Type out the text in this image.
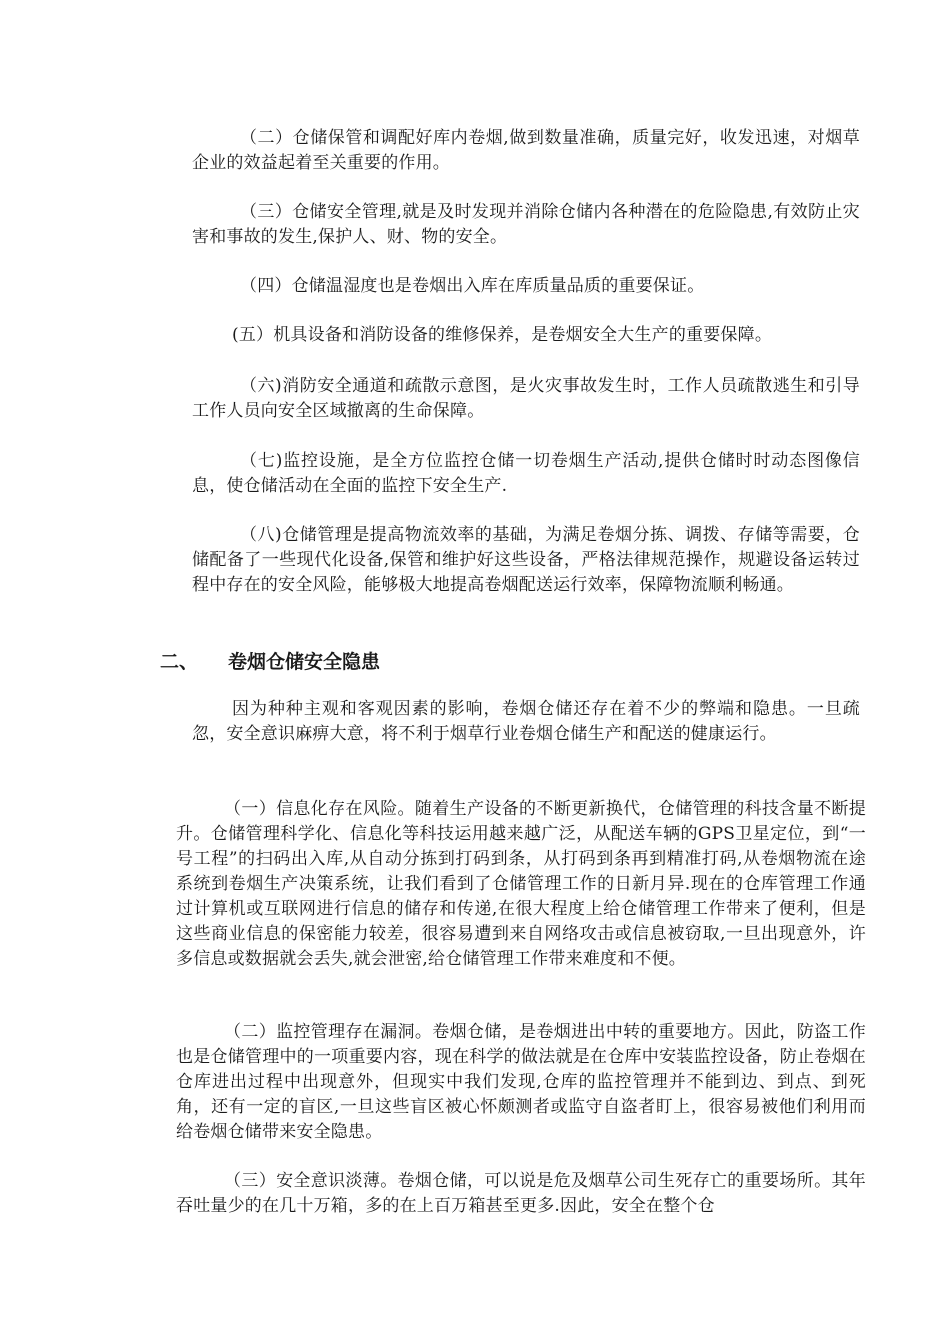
（二）仓储保管和调配好库内卷烟,做到数量准确，质量完好，收发迅速，对烟草企业的效益起着至关重要的作用。

（三）仓储安全管理,就是及时发现并消除仓储内各种潜在的危险隐患,有效防止灾害和事故的发生,保护人、财、物的安全。

（四）仓储温湿度也是卷烟出入库在库质量品质的重要保证。

(五）机具设备和消防设备的维修保养，是卷烟安全大生产的重要保障。

（六)消防安全通道和疏散示意图，是火灾事故发生时，工作人员疏散逃生和引导工作人员向安全区域撤离的生命保障。

（七)监控设施，是全方位监控仓储一切卷烟生产活动,提供仓储时时动态图像信息，使仓储活动在全面的监控下安全生产.

（八)仓储管理是提高物流效率的基础，为满足卷烟分拣、调拨、存储等需要，仓储配备了一些现代化设备,保管和维护好这些设备，严格法律规范操作，规避设备运转过程中存在的安全风险，能够极大地提高卷烟配送运行效率，保障物流顺利畅通。

二、 卷烟仓储安全隐患

因为种种主观和客观因素的影响，卷烟仓储还存在着不少的弊端和隐患。一旦疏忽，安全意识麻痹大意，将不利于烟草行业卷烟仓储生产和配送的健康运行。

（一）信息化存在风险。随着生产设备的不断更新换代，仓储管理的科技含量不断提升。仓储管理科学化、信息化等科技运用越来越广泛，从配送车辆的GPS卫星定位，到“一号工程”的扫码出入库,从自动分拣到打码到条，从打码到条再到精准打码,从卷烟物流在途系统到卷烟生产决策系统，让我们看到了仓储管理工作的日新月异.现在的仓库管理工作通过计算机或互联网进行信息的储存和传递,在很大程度上给仓储管理工作带来了便利，但是这些商业信息的保密能力较差，很容易遭到来自网络攻击或信息被窃取,一旦出现意外，许多信息或数据就会丢失,就会泄密,给仓储管理工作带来难度和不便。

（二）监控管理存在漏洞。卷烟仓储，是卷烟进出中转的重要地方。因此，防盗工作也是仓储管理中的一项重要内容，现在科学的做法就是在仓库中安装监控设备，防止卷烟在仓库进出过程中出现意外，但现实中我们发现,仓库的监控管理并不能到边、到点、到死角，还有一定的盲区,一旦这些盲区被心怀颇测者或监守自盗者盯上，很容易被他们利用而给卷烟仓储带来安全隐患。

（三）安全意识淡薄。卷烟仓储，可以说是危及烟草公司生死存亡的重要场所。其年吞吐量少的在几十万箱，多的在上百万箱甚至更多.因此，安全在整个仓
